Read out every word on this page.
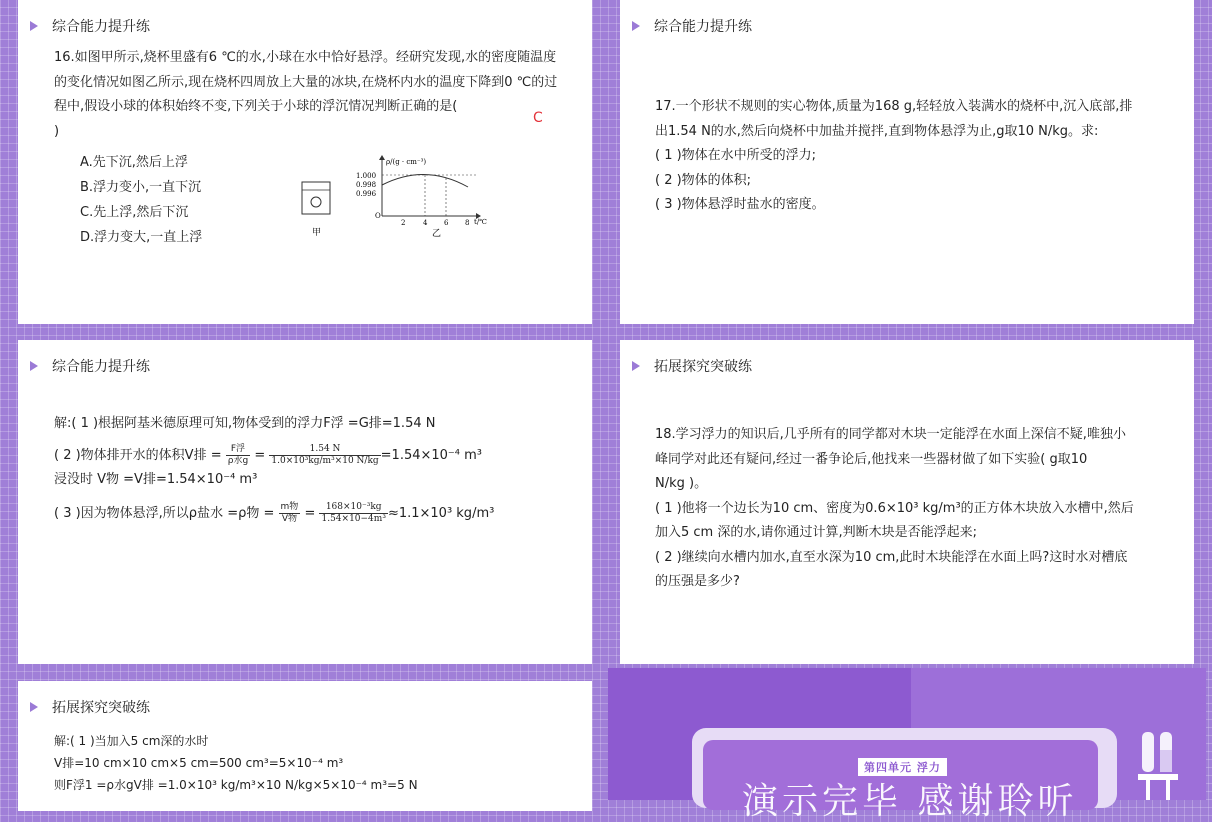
综合能力提升练
16.如图甲所示,烧杯里盛有6 ℃的水,小球在水中恰好悬浮。经研究发现,水的密度随温度的变化情况如图乙所示,现在烧杯四周放上大量的冰块,在烧杯内水的温度下降到0 ℃的过程中,假设小球的体积始终不变,下列关于小球的浮沉情况判断正确的是(
)
C
A.先下沉,然后上浮
B.浮力变小,一直下沉
C.先上浮,然后下沉
D.浮力变大,一直上浮	甲
ρ/(g · cm⁻³)
t/℃
O
1.000
0.998
0.996
2	4 6 8
乙
综合能力提升练
17.一个形状不规则的实心物体,质量为168 g,轻轻放入装满水的烧杯中,沉入底部,排
出1.54 N的水,然后向烧杯中加盐并搅拌,直到物体悬浮为止,g取10 N/kg。求:
( 1 )物体在水中所受的浮力;
( 2 )物体的体积;
( 3 )物体悬浮时盐水的密度。
综合能力提升练
解:( 1 )根据阿基米德原理可知,物体受到的浮力F浮 =G排=1.54 N
( 2 )物体排开水的体积V排 = $\frac{\text{F浮}}{\text{ρ水g}} = \frac{1.54 N}{\text{1.0×10³kg/m³×10 N/kg}} =1.54\times 10^{-4}$ m³
浸没时 V物 =V排=1.54×10⁻⁴ m³
( 3 )因为物体悬浮,所以ρ盐水 =ρ物 = $\frac{\text{m物}}{\text{V物}} = \frac{\text{168×10⁻³kg}}{\text{1.54×10−4m³}} \approx 1.1\times 10^3$ kg/m³
拓展探究突破练
18.学习浮力的知识后,几乎所有的同学都对木块一定能浮在水面上深信不疑,唯独小
峰同学对此还有疑问,经过一番争论后,他找来一些器材做了如下实验( g取10
N/kg )。
( 1 )他将一个边长为10 cm、密度为0.6×10³ kg/m³的正方体木块放入水槽中,然后
加入5 cm 深的水,请你通过计算,判断木块是否能浮起来;
( 2 )继续向水槽内加水,直至水深为10 cm,此时木块能浮在水面上吗?这时水对槽底
的压强是多少?
拓展探究突破练
解:( 1 )当加入5 cm深的水时
V排=10 cm×10 cm×5 cm=500 cm³=5×10⁻⁴ m³
则F浮1 =ρ水gV排 =1.0×10³ kg/m³×10 N/kg×5×10⁻⁴ m³=5 N
第四单元 浮力
演示完毕 感谢聆听
